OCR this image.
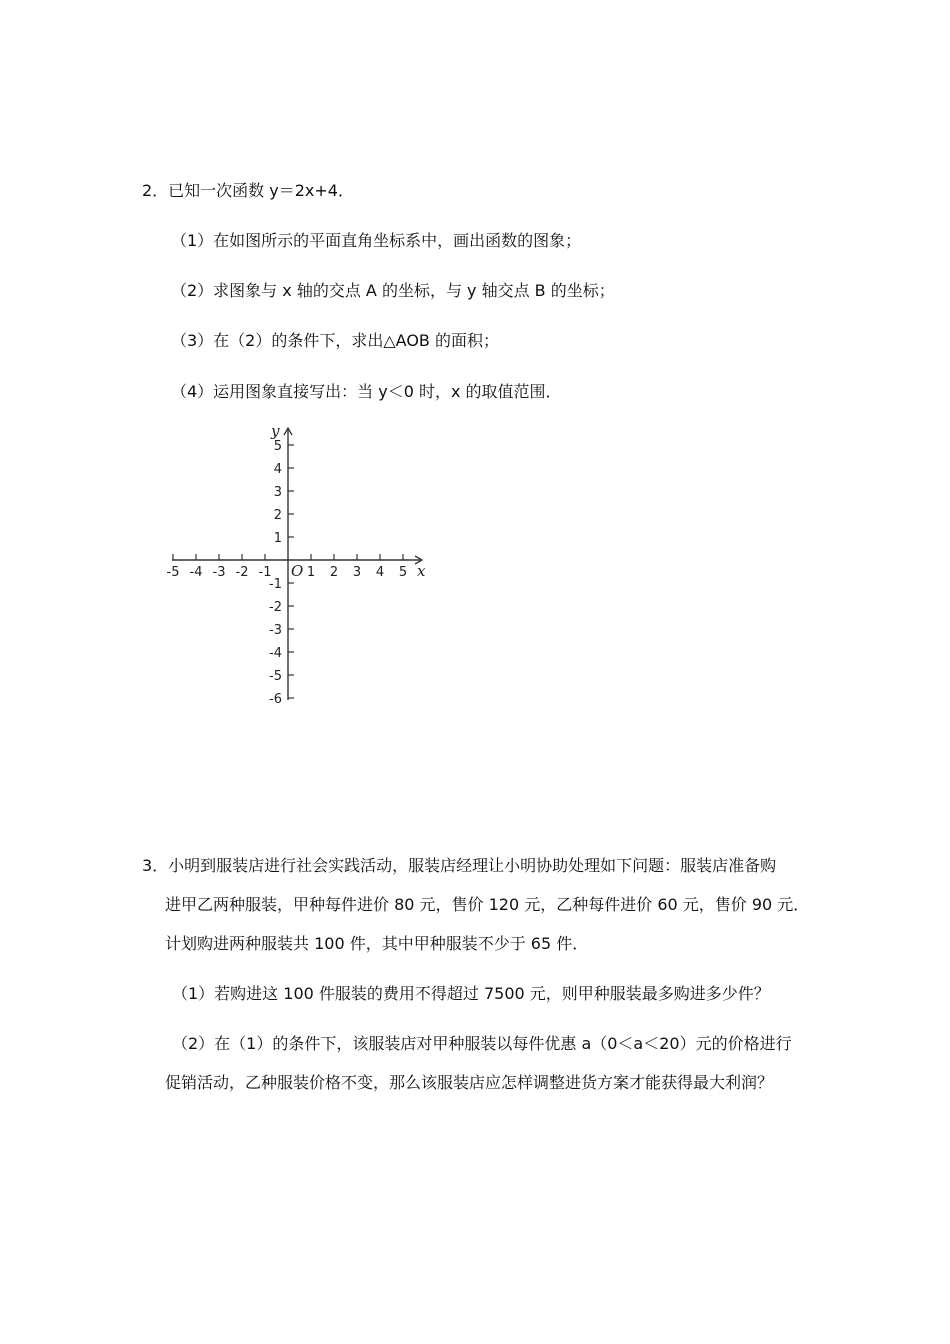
2．已知一次函数 y＝2x+4．
（1）在如图所示的平面直角坐标系中，画出函数的图象；
（2）求图象与 x 轴的交点 A 的坐标，与 y 轴交点 B 的坐标；
（3）在（2）的条件下，求出△AOB 的面积；
（4）运用图象直接写出：当 y＜0 时，x 的取值范围．
-5 -4 -3 -2 -1	1 2 3 4 5
5
4
3
2
1
-1
-2
-3
-4
-5
-6
x
y
O
3．小明到服装店进行社会实践活动，服装店经理让小明协助处理如下问题：服装店准备购
进甲乙两种服装，甲种每件进价 80 元，售价 120 元，乙种每件进价 60 元，售价 90 元．
计划购进两种服装共 100 件，其中甲种服装不少于 65 件．
（1）若购进这 100 件服装的费用不得超过 7500 元，则甲种服装最多购进多少件？
（2）在（1）的条件下，该服装店对甲种服装以每件优惠 a（0＜a＜20）元的价格进行
促销活动，乙种服装价格不变，那么该服装店应怎样调整进货方案才能获得最大利润？
